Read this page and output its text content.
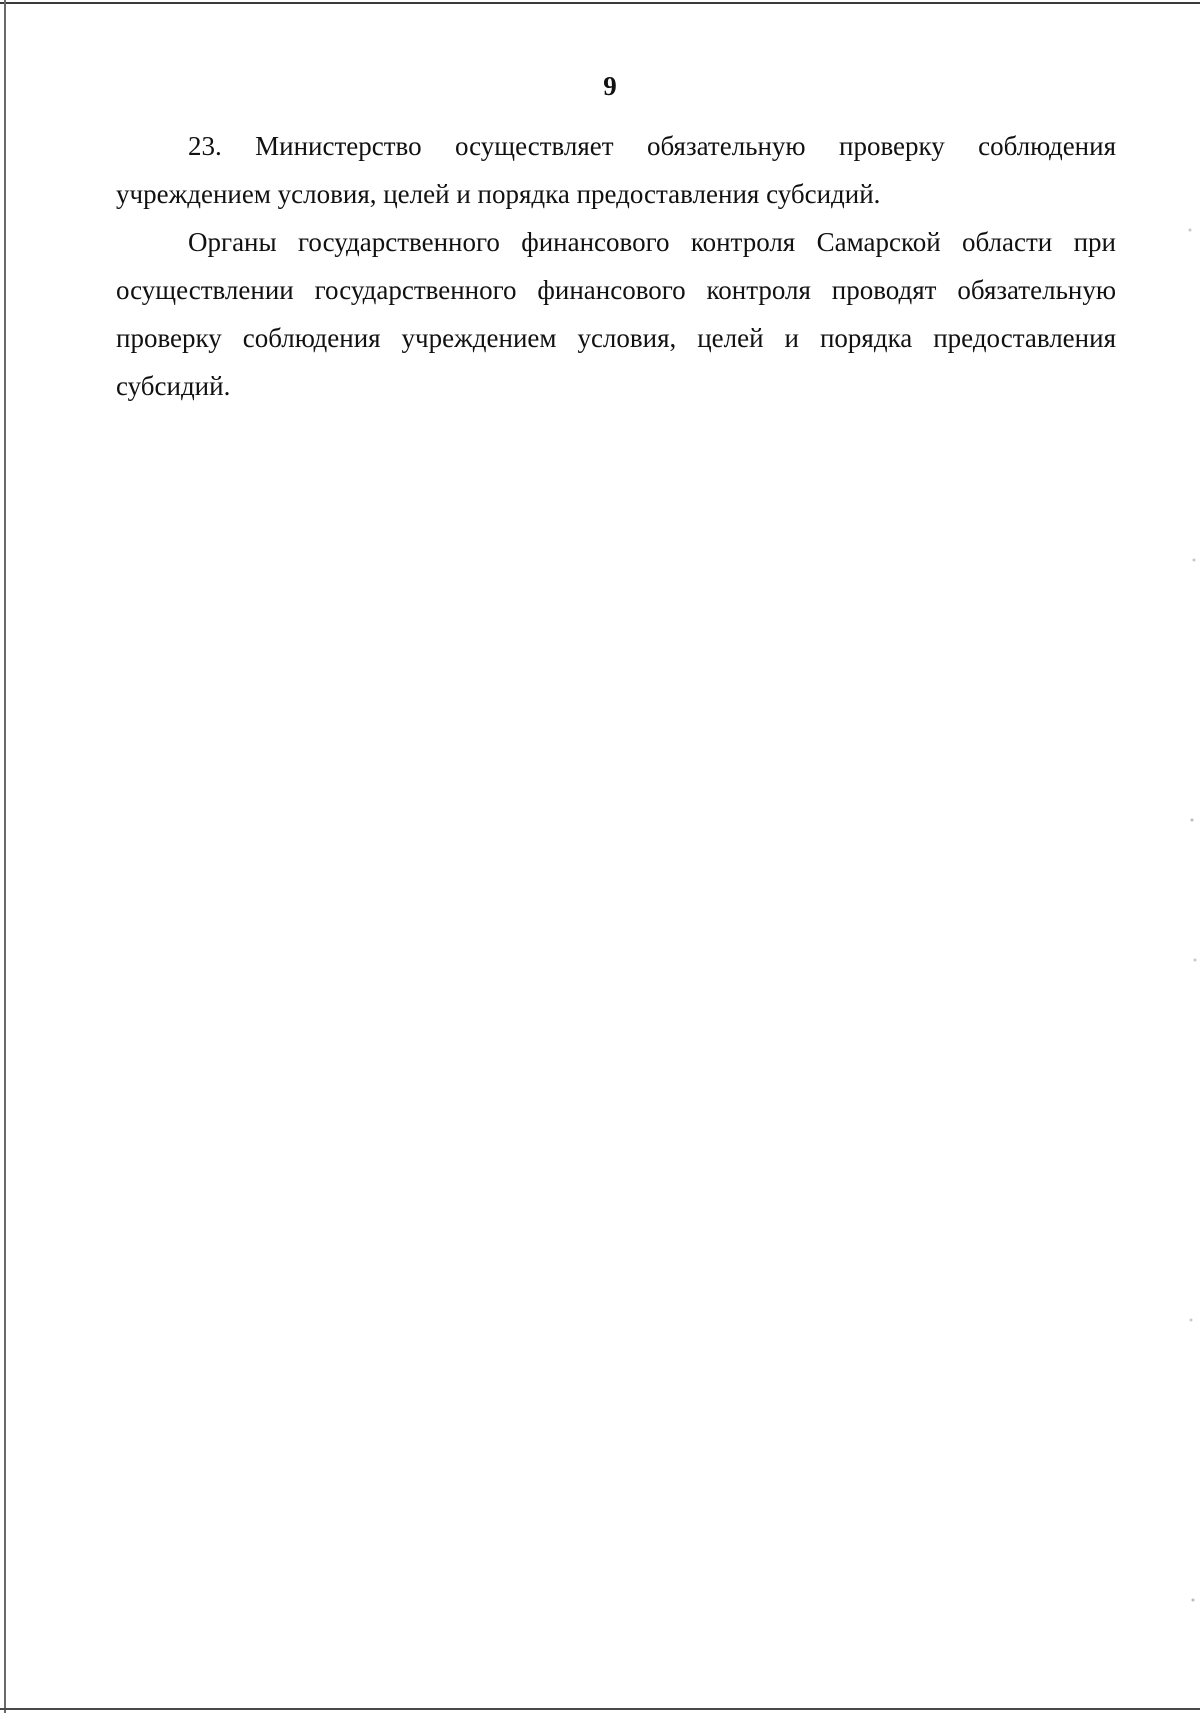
9

23. Министерство осуществляет обязательную проверку соблюдения учреждением условия, целей и порядка предоставления субсидий.

Органы государственного финансового контроля Самарской области при осуществлении государственного финансового контроля проводят обязательную проверку соблюдения учреждением условия, целей и порядка предоставления субсидий.
